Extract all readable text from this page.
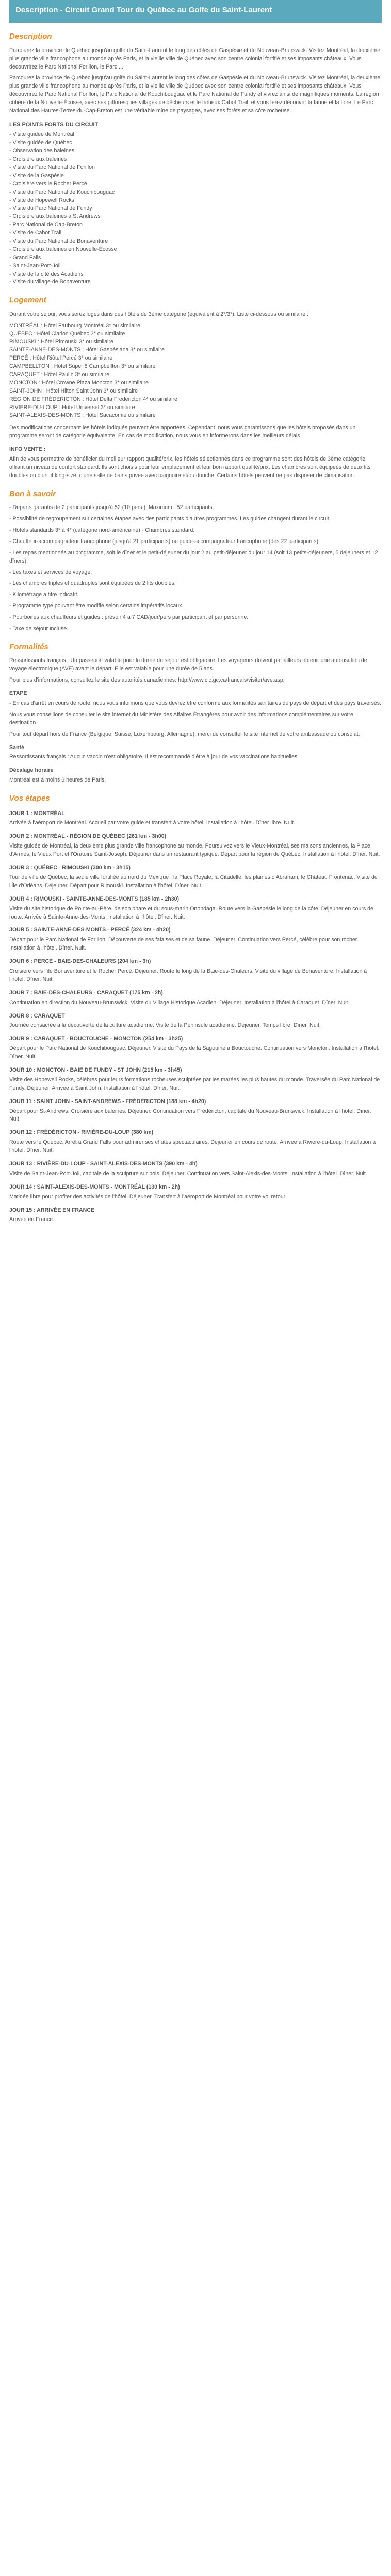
Description - Circuit Grand Tour du Québec au Golfe du Saint-Laurent
Description

Parcourez la province de Québec jusqu'au golfe du Saint-Laurent le long des côtes de Gaspésie et du Nouveau-Brunswick. Visitez Montréal, la deuxième plus grande ville francophone au monde après Paris, et la vieille ville de Québec avec son centre colonial fortifié et ses imposants châteaux. Vous découvrirez le Parc National Forillon, le Parc ...

Parcourez la province de Québec jusqu'au golfe du Saint-Laurent le long des côtes de Gaspésie et du Nouveau-Brunswick. Visitez Montréal, la deuxième plus grande ville francophone au monde après Paris, et la vieille ville de Québec avec son centre colonial fortifié et ses imposants châteaux. Vous découvrirez le Parc National Forillon, le Parc National de Kouchibouguac et le Parc National de Fundy et vivrez ainsi de magnifiques moments. La région côtière de la Nouvelle-Écosse, avec ses pittoresques villages de pêcheurs et le fameux Cabot Trail, et vous ferez découvrir la faune et la flore. Le Parc National des Hautes-Terres-du-Cap-Breton est une véritable mine de paysages, avec ses forêts et sa côte rocheuse.

LES POINTS FORTS DU CIRCUIT
- Visite guidée de Montréal
- Visite guidée de Québec
- Observation des baleines
- Croisière aux baleines
- Visite du Parc National de Forillon
- Visite de la Gaspésie
- Croisière vers le Rocher Percé
- Visite du Parc National de Kouchibouguac
- Visite de Hopewell Rocks
- Visite du Parc National de Fundy
- Croisière aux baleines à St Andrews
- Parc National de Cap-Breton
- Visite de Cabot Trail
- Visite du Parc National de Bonaventure
- Croisière aux baleines en Nouvelle-Écosse
- Grand Falls
- Saint-Jean-Port-Joli
- Visite de la cité des Acadiens
- Visite du village de Bonaventure
Logement

Durant votre séjour, vous serez logés dans des hôtels de 3ème catégorie (équivalent à 2*/3*). Liste ci-dessous ou similaire :

MONTRÉAL : Hôtel Faubourg Montréal 3* ou similaire
QUÉBEC : Hôtel Clarion Québec 3* ou similaire
RIMOUSKI : Hôtel Rimouski 3* ou similaire
SAINTE-ANNE-DES-MONTS : Hôtel Gaspésiana 3* ou similaire
PERCÉ : Hôtel Riôtel Percé 3* ou similaire
CAMPBELLTON : Hôtel Super 8 Campbellton 3* ou similaire
CARAQUET : Hôtel Paulin 3* ou similaire
MONCTON : Hôtel Crowne Plaza Moncton 3* ou similaire
SAINT-JOHN : Hôtel Hilton Saint John 3* ou similaire
RÉGION DE FRÉDÉRICTON : Hôtel Delta Fredericton 4* ou similaire
RIVIÈRE-DU-LOUP : Hôtel Universel 3* ou similaire
SAINT-ALEXIS-DES-MONTS : Hôtel Sacacomie ou similaire

Des modifications concernant les hôtels indiqués peuvent être apportées. Cependant, nous vous garantissons que les hôtels proposés dans un programme seront de catégorie équivalente. En cas de modification, nous vous en informerons dans les meilleurs délais.

INFO VENTE :

Afin de vous permettre de bénéficier du meilleur rapport qualité/prix, les hôtels sélectionnés dans ce programme sont des hôtels de 3ème catégorie offrant un niveau de confort standard. Ils sont choisis pour leur emplacement et leur bon rapport qualité/prix. Les chambres sont équipées de deux lits doubles ou d'un lit king-size, d'une salle de bains privée avec baignoire et/ou douche. Certains hôtels peuvent ne pas disposer de climatisation.

Bon à savoir

- Départs garantis de 2 participants jusqu'à 52 (10 pers.). Maximum : 52 participants.

- Possibilité de regroupement sur certaines étapes avec des participants d'autres programmes. Les guides changent durant le circuit.

- Hôtels standards 3* à 4* (catégorie nord-américaine) - Chambres standard.

- Chauffeur-accompagnateur francophone (jusqu'à 21 participants) ou guide-accompagnateur francophone (dès 22 participants).

- Les repas mentionnés au programme, soit le dîner et le petit-déjeuner du jour 2 au petit-déjeuner du jour 14 (soit 13 petits-déjeuners, 5 déjeuners et 12 dîners).

- Les taxes et services de voyage.

- Les chambres triples et quadruples sont équipées de 2 lits doubles.

- Kilométrage à titre indicatif.

- Programme type pouvant être modifié selon certains impératifs locaux.

- Pourboires aux chauffeurs et guides : prévoir 4 à 7 CAD/jour/pers par participant et par personne.

- Taxe de séjour incluse.

Formalités

Ressortissants français : Un passeport valable pour la durée du séjour est obligatoire. Les voyageurs doivent par ailleurs obtenir une autorisation de voyage électronique (AVE) avant le départ. Elle est valable pour une durée de 5 ans.

Pour plus d'informations, consultez le site des autorités canadiennes: http://www.cic.gc.ca/francais/visiter/ave.asp.

ETAPE

- En cas d'arrêt en cours de route, nous vous informons que vous devrez être conforme aux formalités sanitaires du pays de départ et des pays traversés.

Nous vous conseillons de consulter le site internet du Ministère des Affaires Étrangères pour avoir des informations complémentaires sur votre destination.

Pour tout départ hors de France (Belgique, Suisse, Luxembourg, Allemagne), merci de consulter le site internet de votre ambassade ou consulat.

Santé

Ressortissants français : Aucun vaccin n'est obligatoire. Il est recommandé d'être à jour de vos vaccinations habituelles.

Décalage horaire

Montréal est à moins 6 heures de Paris.

Vos étapes
JOUR 1 : MONTRÉAL

Arrivée à l'aéroport de Montréal. Accueil par votre guide et transfert à votre hôtel. Installation à l'hôtel. Dîner libre. Nuit.

JOUR 2 : MONTRÉAL - RÉGION DE QUÉBEC (261 km - 3h00)

Visite guidée de Montréal, la deuxième plus grande ville francophone au monde. Poursuivez vers le Vieux-Montréal, ses maisons anciennes, la Place d'Armes, le Vieux Port et l'Oratoire Saint-Joseph. Déjeuner dans un restaurant typique. Départ pour la région de Québec. Installation à l'hôtel. Dîner. Nuit.

JOUR 3 : QUÉBEC - RIMOUSKI (300 km - 3h15)

Tour de ville de Québec, la seule ville fortifiée au nord du Mexique : la Place Royale, la Citadelle, les plaines d'Abraham, le Château Frontenac. Visite de l'Île d'Orléans. Déjeuner. Départ pour Rimouski. Installation à l'hôtel. Dîner. Nuit.

JOUR 4 : RIMOUSKI - SAINTE-ANNE-DES-MONTS (185 km - 2h30)

Visite du site historique de Pointe-au-Père, de son phare et du sous-marin Onondaga. Route vers la Gaspésie le long de la côte. Déjeuner en cours de route. Arrivée à Sainte-Anne-des-Monts. Installation à l'hôtel. Dîner. Nuit.

JOUR 5 : SAINTE-ANNE-DES-MONTS - PERCÉ (324 km - 4h20)

Départ pour le Parc National de Forillon. Découverte de ses falaises et de sa faune. Déjeuner. Continuation vers Percé, célèbre pour son rocher. Installation à l'hôtel. Dîner. Nuit.

JOUR 6 : PERCÉ - BAIE-DES-CHALEURS (204 km - 3h)

Croisière vers l'île Bonaventure et le Rocher Percé. Déjeuner. Route le long de la Baie-des-Chaleurs. Visite du village de Bonaventure. Installation à l'hôtel. Dîner. Nuit.

JOUR 7 : BAIE-DES-CHALEURS - CARAQUET (175 km - 2h)

Continuation en direction du Nouveau-Brunswick. Visite du Village Historique Acadien. Déjeuner. Installation à l'hôtel à Caraquet. Dîner. Nuit.

JOUR 8 : CARAQUET

Journée consacrée à la découverte de la culture acadienne. Visite de la Péninsule acadienne. Déjeuner. Temps libre. Dîner. Nuit.

JOUR 9 : CARAQUET - BOUCTOUCHE - MONCTON (254 km - 3h25)

Départ pour le Parc National de Kouchibouguac. Déjeuner. Visite du Pays de la Sagouine à Bouctouche. Continuation vers Moncton. Installation à l'hôtel. Dîner. Nuit.

JOUR 10 : MONCTON - BAIE DE FUNDY - ST JOHN (215 km - 3h45)

Visite des Hopewell Rocks, célèbres pour leurs formations rocheuses sculptées par les marées les plus hautes du monde. Traversée du Parc National de Fundy. Déjeuner. Arrivée à Saint John. Installation à l'hôtel. Dîner. Nuit.

JOUR 11 : SAINT JOHN - SAINT-ANDREWS - FRÉDÉRICTON (188 km - 4h20)

Départ pour St-Andrews. Croisière aux baleines. Déjeuner. Continuation vers Frédéricton, capitale du Nouveau-Brunswick. Installation à l'hôtel. Dîner. Nuit.

JOUR 12 : FRÉDÉRICTON - RIVIÈRE-DU-LOUP (380 km)

Route vers le Québec. Arrêt à Grand Falls pour admirer ses chutes spectaculaires. Déjeuner en cours de route. Arrivée à Rivière-du-Loup. Installation à l'hôtel. Dîner. Nuit.

JOUR 13 : RIVIÈRE-DU-LOUP - SAINT-ALEXIS-DES-MONTS (390 km - 4h)

Visite de Saint-Jean-Port-Joli, capitale de la sculpture sur bois. Déjeuner. Continuation vers Saint-Alexis-des-Monts. Installation à l'hôtel. Dîner. Nuit.

JOUR 14 : SAINT-ALEXIS-DES-MONTS - MONTRÉAL (130 km - 2h)

Matinée libre pour profiter des activités de l'hôtel. Déjeuner. Transfert à l'aéroport de Montréal pour votre vol retour.

JOUR 15 : ARRIVÉE EN FRANCE

Arrivée en France.
